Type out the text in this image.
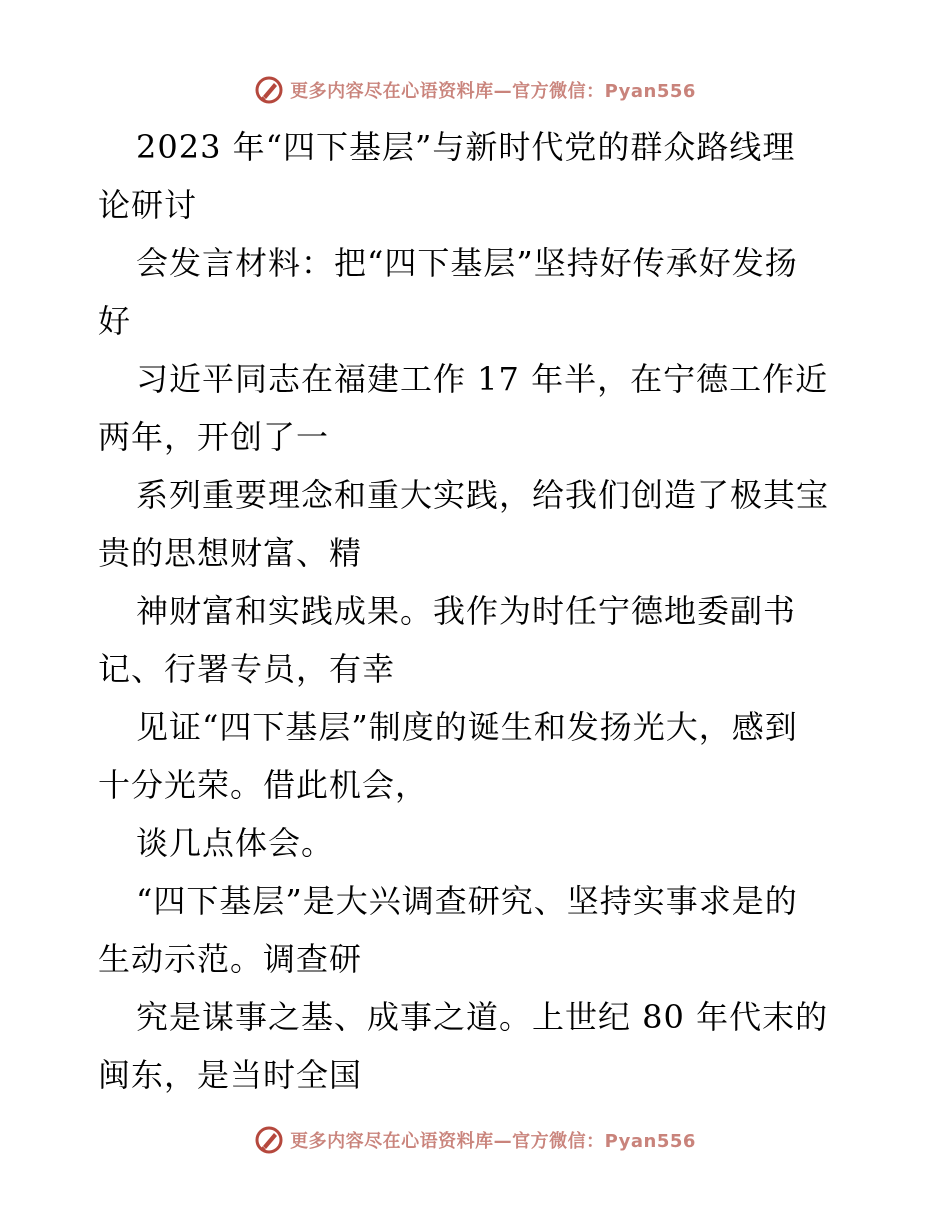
更多内容尽在心语资料库—官方微信：Pyan556
2023 年“四下基层”与新时代党的群众路线理
论研讨
会发言材料：把“四下基层”坚持好传承好发扬
好
习近平同志在福建工作 17 年半，在宁德工作近
两年，开创了一
系列重要理念和重大实践，给我们创造了极其宝
贵的思想财富、精
神财富和实践成果。我作为时任宁德地委副书
记、行署专员，有幸
见证“四下基层”制度的诞生和发扬光大，感到
十分光荣。借此机会，
谈几点体会。
“四下基层”是大兴调查研究、坚持实事求是的
生动示范。调查研
究是谋事之基、成事之道。上世纪 80 年代末的
闽东，是当时全国
更多内容尽在心语资料库—官方微信：Pyan556
